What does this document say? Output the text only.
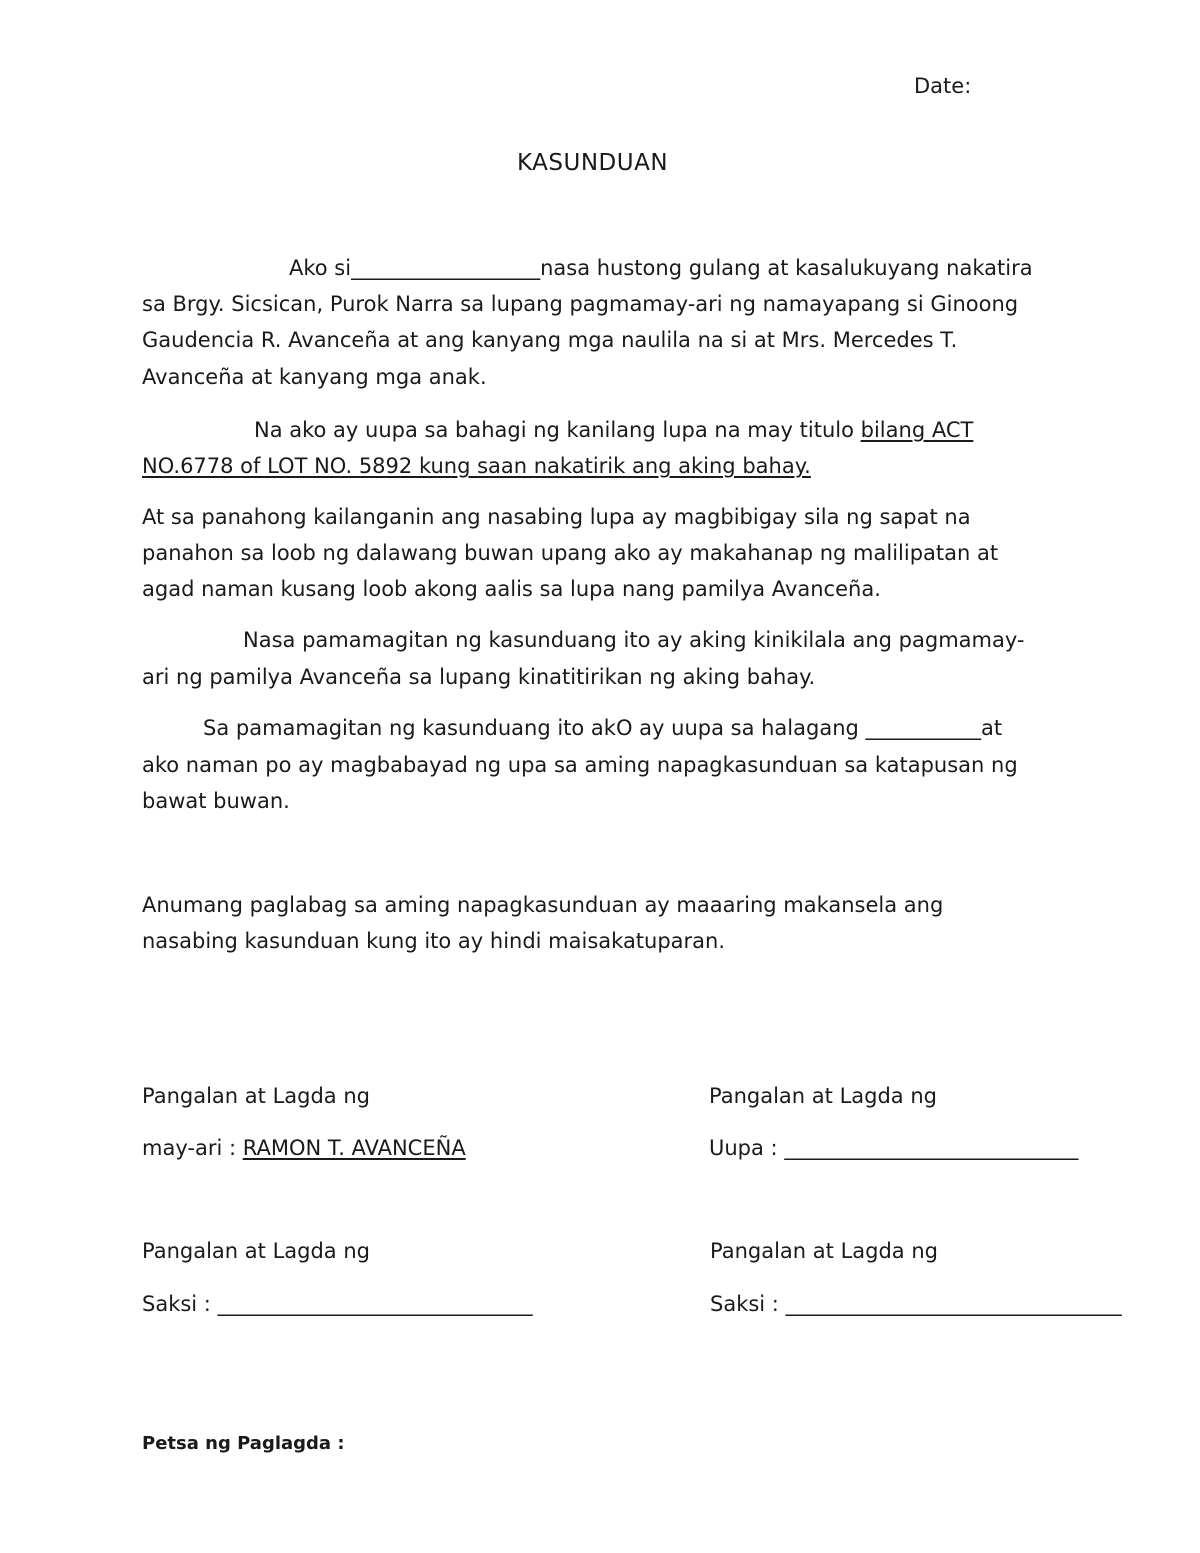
Date:
KASUNDUAN
Ako si__________________nasa hustong gulang at kasalukuyang nakatira
sa Brgy. Sicsican, Purok Narra sa lupang pagmamay-ari ng namayapang si Ginoong
Gaudencia R. Avanceña at ang kanyang mga naulila na si at Mrs. Mercedes T.
Avanceña at kanyang mga anak.
Na ako ay uupa sa bahagi ng kanilang lupa na may titulo bilang ACT
NO.6778 of LOT NO. 5892 kung saan nakatirik ang aking bahay.
At sa panahong kailanganin ang nasabing lupa ay magbibigay sila ng sapat na
panahon sa loob ng dalawang buwan upang ako ay makahanap ng malilipatan at
agad naman kusang loob akong aalis sa lupa nang pamilya Avanceña.
Nasa pamamagitan ng kasunduang ito ay aking kinikilala ang pagmamay-
ari ng pamilya Avanceña sa lupang kinatitirikan ng aking bahay.
Sa pamamagitan ng kasunduang ito akO ay uupa sa halagang ___________at
ako naman po ay magbabayad ng upa sa aming napagkasunduan sa katapusan ng
bawat buwan.
Anumang paglabag sa aming napagkasunduan ay maaaring makansela ang
nasabing kasunduan kung ito ay hindi maisakatuparan.
Pangalan at Lagda ng
may-ari : RAMON T. AVANCEÑA
Pangalan at Lagda ng
Uupa : ____________________________
Pangalan at Lagda ng
Saksi : ______________________________
Pangalan at Lagda ng
Saksi : ________________________________
Petsa ng Paglagda :
